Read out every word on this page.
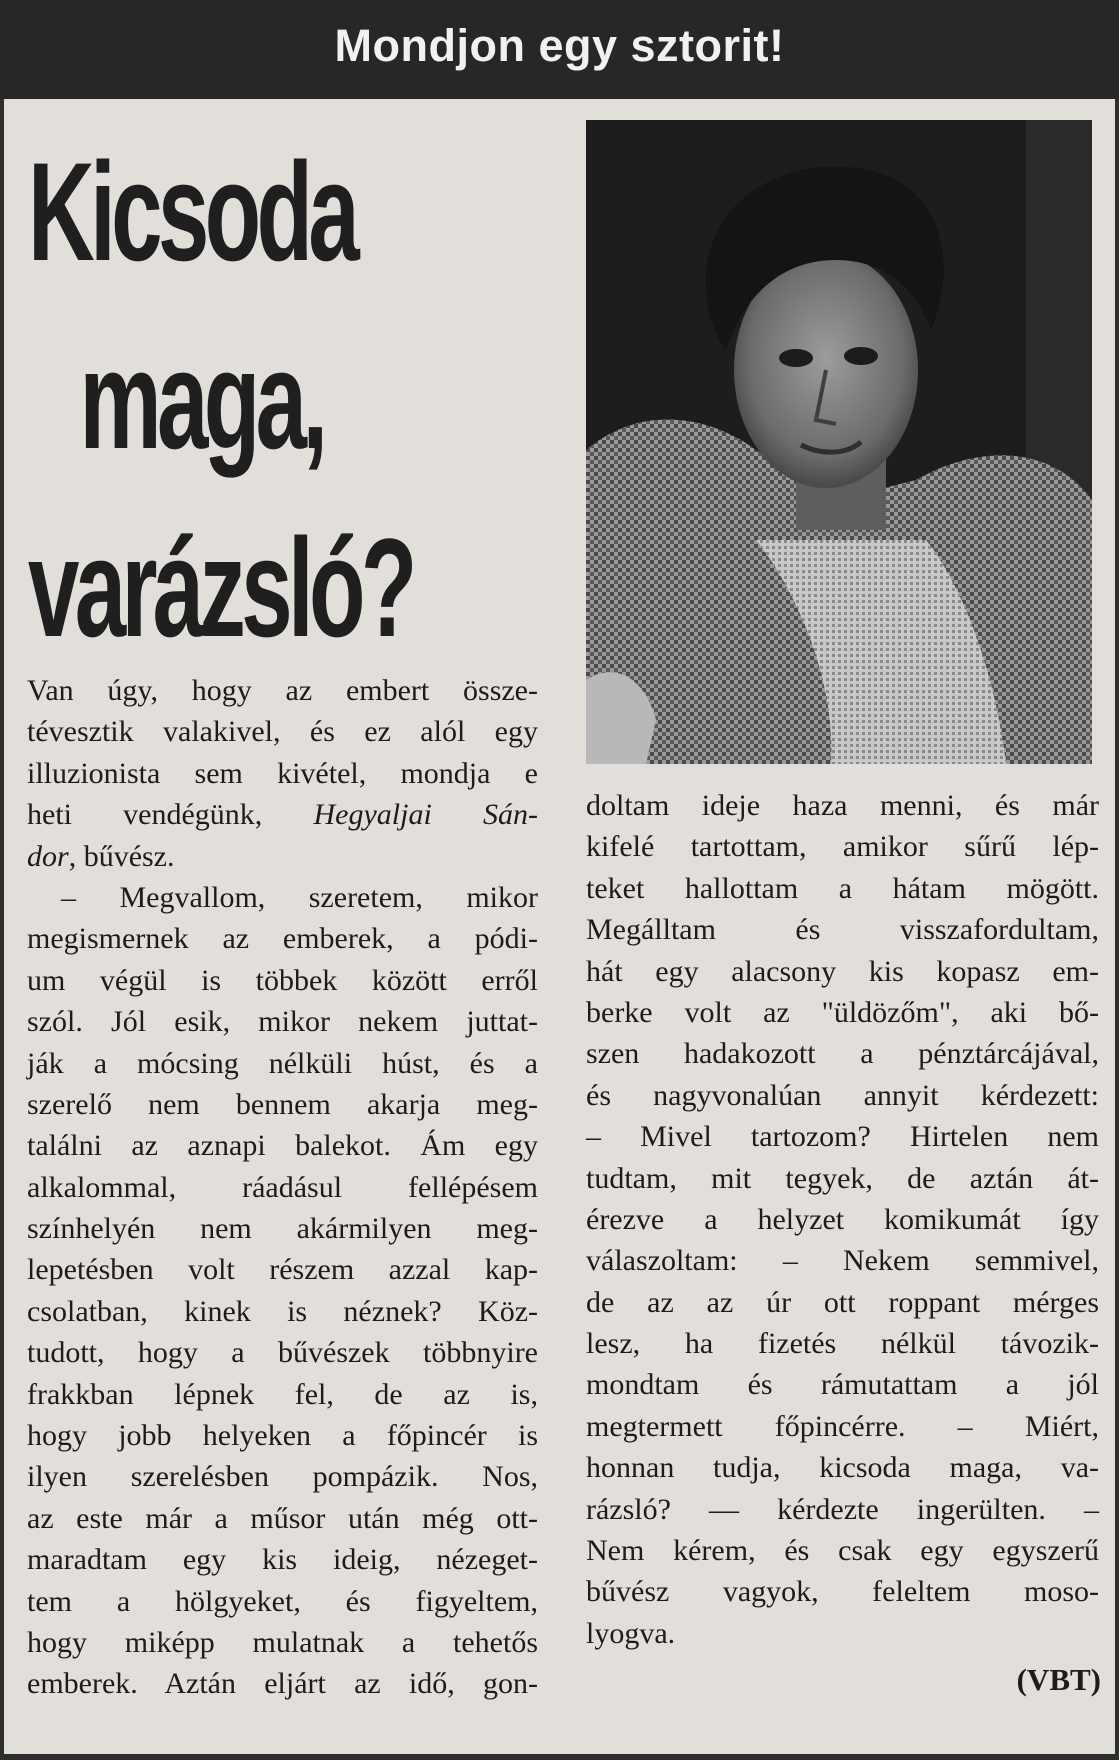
Mondjon egy sztorit!
Kicsoda
maga,
varázsló?
Van úgy, hogy az embert össze-
tévesztik valakivel, és ez alól egy
illuzionista sem kivétel, mondja e
heti vendégünk, Hegyaljai Sán-
dor, bűvész.
– Megvallom, szeretem, mikor
megismernek az emberek, a pódi-
um végül is többek között erről
szól. Jól esik, mikor nekem juttat-
ják a mócsing nélküli húst, és a
szerelő nem bennem akarja meg-
találni az aznapi balekot. Ám egy
alkalommal, ráadásul fellépésem
színhelyén nem akármilyen meg-
lepetésben volt részem azzal kap-
csolatban, kinek is néznek? Köz-
tudott, hogy a bűvészek többnyire
frakkban lépnek fel, de az is,
hogy jobb helyeken a főpincér is
ilyen szerelésben pompázik. Nos,
az este már a műsor után még ott-
maradtam egy kis ideig, nézeget-
tem a hölgyeket, és figyeltem,
hogy miképp mulatnak a tehetős
emberek. Aztán eljárt az idő, gon-
doltam ideje haza menni, és már
kifelé tartottam, amikor sűrű lép-
teket hallottam a hátam mögött.
Megálltam és visszafordultam,
hát egy alacsony kis kopasz em-
berke volt az "üldözőm", aki bő-
szen hadakozott a pénztárcájával,
és nagyvonalúan annyit kérdezett:
– Mivel tartozom? Hirtelen nem
tudtam, mit tegyek, de aztán át-
érezve a helyzet komikumát így
válaszoltam: – Nekem semmivel,
de az az úr ott roppant mérges
lesz, ha fizetés nélkül távozik-
mondtam és rámutattam a jól
megtermett főpincérre. – Miért,
honnan tudja, kicsoda maga, va-
rázsló? — kérdezte ingerülten. –
Nem kérem, és csak egy egyszerű
bűvész vagyok, feleltem moso-
lyogva.
(VBT)
